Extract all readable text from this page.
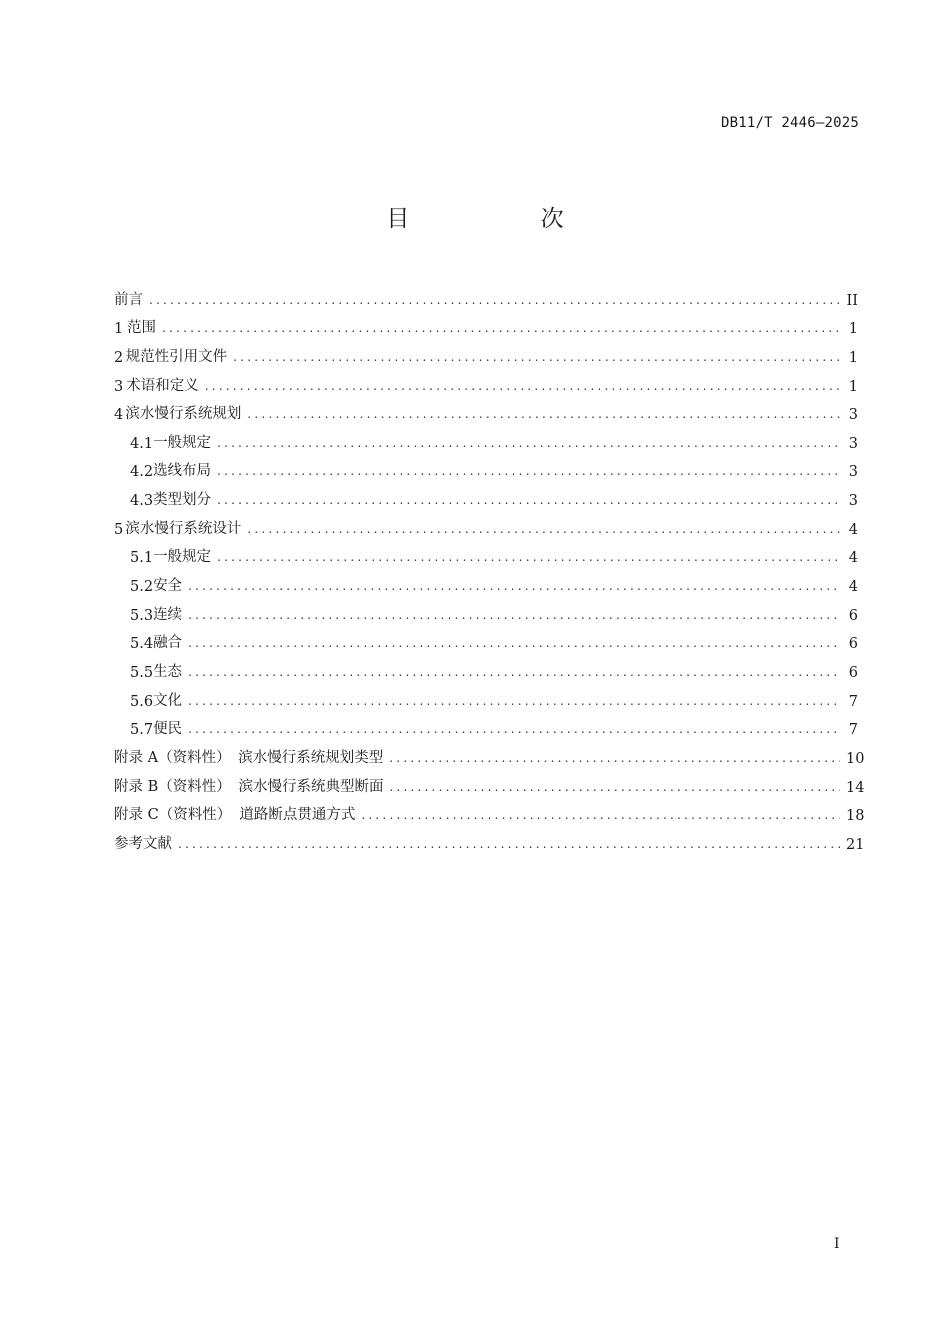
DB11/T 2446—2025
目 次
前言 .....	II
1 范围 .....	1
2 规范性引用文件 .....	1
3 术语和定义 .....	1
4 滨水慢行系统规划 .....	3
4.1 一般规定 .....	3
4.2 选线布局 .....	3
4.3 类型划分 .....	3
5 滨水慢行系统设计 .....	4
5.1 一般规定 .....	4
5.2 安全 .....	4
5.3 连续 .....	6
5.4 融合 .....	6
5.5 生态 .....	6
5.6 文化 .....	7
5.7 便民 .....	7
附录 A（资料性） 滨水慢行系统规划类型 .....	10
附录 B（资料性） 滨水慢行系统典型断面 .....	14
附录 C（资料性） 道路断点贯通方式 .....	18
参考文献 .....	21
I
